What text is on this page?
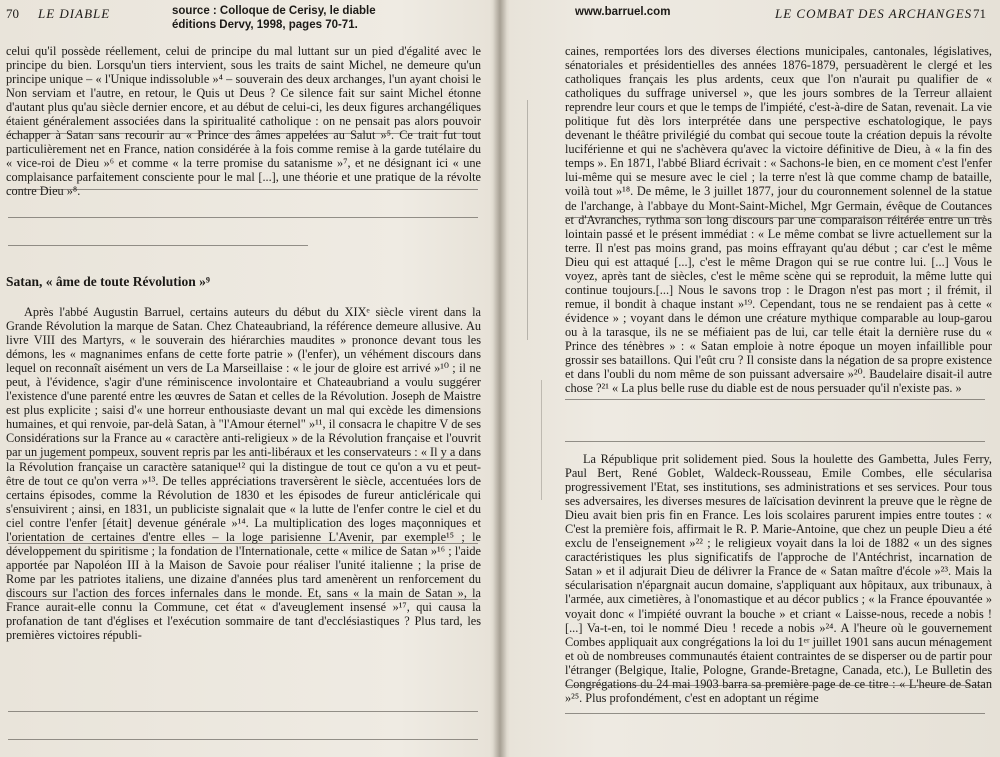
70 LE DIABLE	source : Colloque de Cerisy, le diable éditions Dervy, 1998, pages 70-71.

celui qu'il possède réellement, celui de principe du mal luttant sur un pied d'égalité avec le principe du bien. Lorsqu'un tiers intervient, sous les traits de saint Michel, ne demeure qu'un principe unique – « l'Unique indissoluble »⁴ – souverain des deux archanges, l'un ayant choisi le Non serviam et l'autre, en retour, le Quis ut Deus ? Ce silence fait sur saint Michel étonne d'autant plus qu'au siècle dernier encore, et au début de celui-ci, les deux figures archangéliques étaient généralement associées dans la spiritualité catholique : on ne pensait pas alors pouvoir échapper à Satan sans recourir au « Prince des âmes appelées au Salut »⁵. Ce trait fut tout particulièrement net en France, nation considérée à la fois comme remise à la garde tutélaire du « vice-roi de Dieu »⁶ et comme « la terre promise du satanisme »⁷, et ne désignant ici « une complaisance parfaitement consciente pour le mal [...], une théorie et une pratique de la révolte contre Dieu »⁸.

Satan, « âme de toute Révolution »⁹

Après l'abbé Augustin Barruel, certains auteurs du début du XIXᵉ siècle virent dans la Grande Révolution la marque de Satan. Chez Chateaubriand, la référence demeure allusive. Au livre VIII des Martyrs, « le souverain des hiérarchies maudites » prononce devant tous les démons, les « magnanimes enfans de cette forte patrie » (l'enfer), un véhément discours dans lequel on reconnaît aisément un vers de La Marseillaise : « le jour de gloire est arrivé »¹⁰ ; il ne peut, à l'évidence, s'agir d'une réminiscence involontaire et Chateaubriand a voulu suggérer l'existence d'une parenté entre les œuvres de Satan et celles de la Révolution. Joseph de Maistre est plus explicite ; saisi d'« une horreur enthousiaste devant un mal qui excède les dimensions humaines, et qui renvoie, par-delà Satan, à "l'Amour éternel" »¹¹, il consacra le chapitre V de ses Considérations sur la France au « caractère anti-religieux » de la Révolution française et l'ouvrit par un jugement pompeux, souvent repris par les anti-libéraux et les conservateurs : « Il y a dans la Révolution française un caractère satanique¹² qui la distingue de tout ce qu'on a vu et peut-être de tout ce qu'on verra »¹³. De telles appréciations traversèrent le siècle, accentuées lors de certains épisodes, comme la Révolution de 1830 et les épisodes de fureur anticléricale qui s'ensuivirent ; ainsi, en 1831, un publiciste signalait que « la lutte de l'enfer contre le ciel et du ciel contre l'enfer [était] devenue générale »¹⁴. La multiplication des loges maçonniques et l'orientation de certaines d'entre elles – la loge parisienne L'Avenir, par exemple¹⁵ ; le développement du spiritisme ; la fondation de l'Internationale, cette « milice de Satan »¹⁶ ; l'aide apportée par Napoléon III à la Maison de Savoie pour réaliser l'unité italienne ; la prise de Rome par les patriotes italiens, une dizaine d'années plus tard amenèrent un renforcement du discours sur l'action des forces infernales dans le monde. Et, sans « la main de Satan », la France aurait-elle connu la Commune, cet état « d'aveuglement insensé »¹⁷, qui causa la profanation de tant d'églises et l'exécution sommaire de tant d'ecclésiastiques ? Plus tard, les premières victoires républi-

www.barruel.com	LE COMBAT DES ARCHANGES 71

caines, remportées lors des diverses élections municipales, cantonales, législatives, sénatoriales et présidentielles des années 1876-1879, persuadèrent le clergé et les catholiques français les plus ardents, ceux que l'on n'aurait pu qualifier de « catholiques du suffrage universel », que les jours sombres de la Terreur allaient reprendre leur cours et que le temps de l'impiété, c'est-à-dire de Satan, revenait. La vie politique fut dès lors interprétée dans une perspective eschatologique, le pays devenant le théâtre privilégié du combat qui secoue toute la création depuis la révolte luciférienne et qui ne s'achèvera qu'avec la victoire définitive de Dieu, à « la fin des temps ». En 1871, l'abbé Bliard écrivait : « Sachons-le bien, en ce moment c'est l'enfer lui-même qui se mesure avec le ciel ; la terre n'est là que comme champ de bataille, voilà tout »¹⁸. De même, le 3 juillet 1877, jour du couronnement solennel de la statue de l'archange, à l'abbaye du Mont-Saint-Michel, Mgr Germain, évêque de Coutances et d'Avranches, rythma son long discours par une comparaison réitérée entre un très lointain passé et le présent immédiat : « Le même combat se livre actuellement sur la terre. Il n'est pas moins grand, pas moins effrayant qu'au début ; car c'est le même Dieu qui est attaqué [...], c'est le même Dragon qui se rue contre lui. [...] Vous le voyez, après tant de siècles, c'est le même scène qui se reproduit, la même lutte qui continue toujours.[...] Nous le savons trop : le Dragon n'est pas mort ; il frémit, il remue, il bondit à chaque instant »¹⁹. Cependant, tous ne se rendaient pas à cette « évidence » ; voyant dans le démon une créature mythique comparable au loup-garou ou à la tarasque, ils ne se méfiaient pas de lui, car telle était la dernière ruse du « Prince des ténèbres » : « Satan emploie à notre époque un moyen infaillible pour grossir ses bataillons. Qui l'eût cru ? Il consiste dans la négation de sa propre existence et dans l'oubli du nom même de son puissant adversaire »²⁰. Baudelaire disait-il autre chose ?²¹ « La plus belle ruse du diable est de nous persuader qu'il n'existe pas. »

La République prit solidement pied. Sous la houlette des Gambetta, Jules Ferry, Paul Bert, René Goblet, Waldeck-Rousseau, Emile Combes, elle sécularisa progressivement l'Etat, ses institutions, ses administrations et ses services. Pour tous ses adversaires, les diverses mesures de laïcisation devinrent la preuve que le règne de Dieu avait bien pris fin en France. Les lois scolaires parurent impies entre toutes : « C'est la première fois, affirmait le R. P. Marie-Antoine, que chez un peuple Dieu a été exclu de l'enseignement »²² ; le religieux voyait dans la loi de 1882 « un des signes caractéristiques les plus significatifs de l'approche de l'Antéchrist, incarnation de Satan » et il adjurait Dieu de délivrer la France de « Satan maître d'école »²³. Mais la sécularisation n'épargnait aucun domaine, s'appliquant aux hôpitaux, aux tribunaux, à l'armée, aux cimetières, à l'onomastique et au décor publics ; « la France épouvantée » voyait donc « l'impiété ouvrant la bouche » et criant « Laisse-nous, recede a nobis ! [...] Va-t-en, toi le nommé Dieu ! recede a nobis »²⁴. A l'heure où le gouvernement Combes appliquait aux congrégations la loi du 1ᵉʳ juillet 1901 sans aucun ménagement et où de nombreuses communautés étaient contraintes de se disperser ou de partir pour l'étranger (Belgique, Italie, Pologne, Grande-Bretagne, Canada, etc.), Le Bulletin des Congrégations du 24 mai 1903 barra sa première page de ce titre : « L'heure de Satan »²⁵. Plus profondément, c'est en adoptant un régime
